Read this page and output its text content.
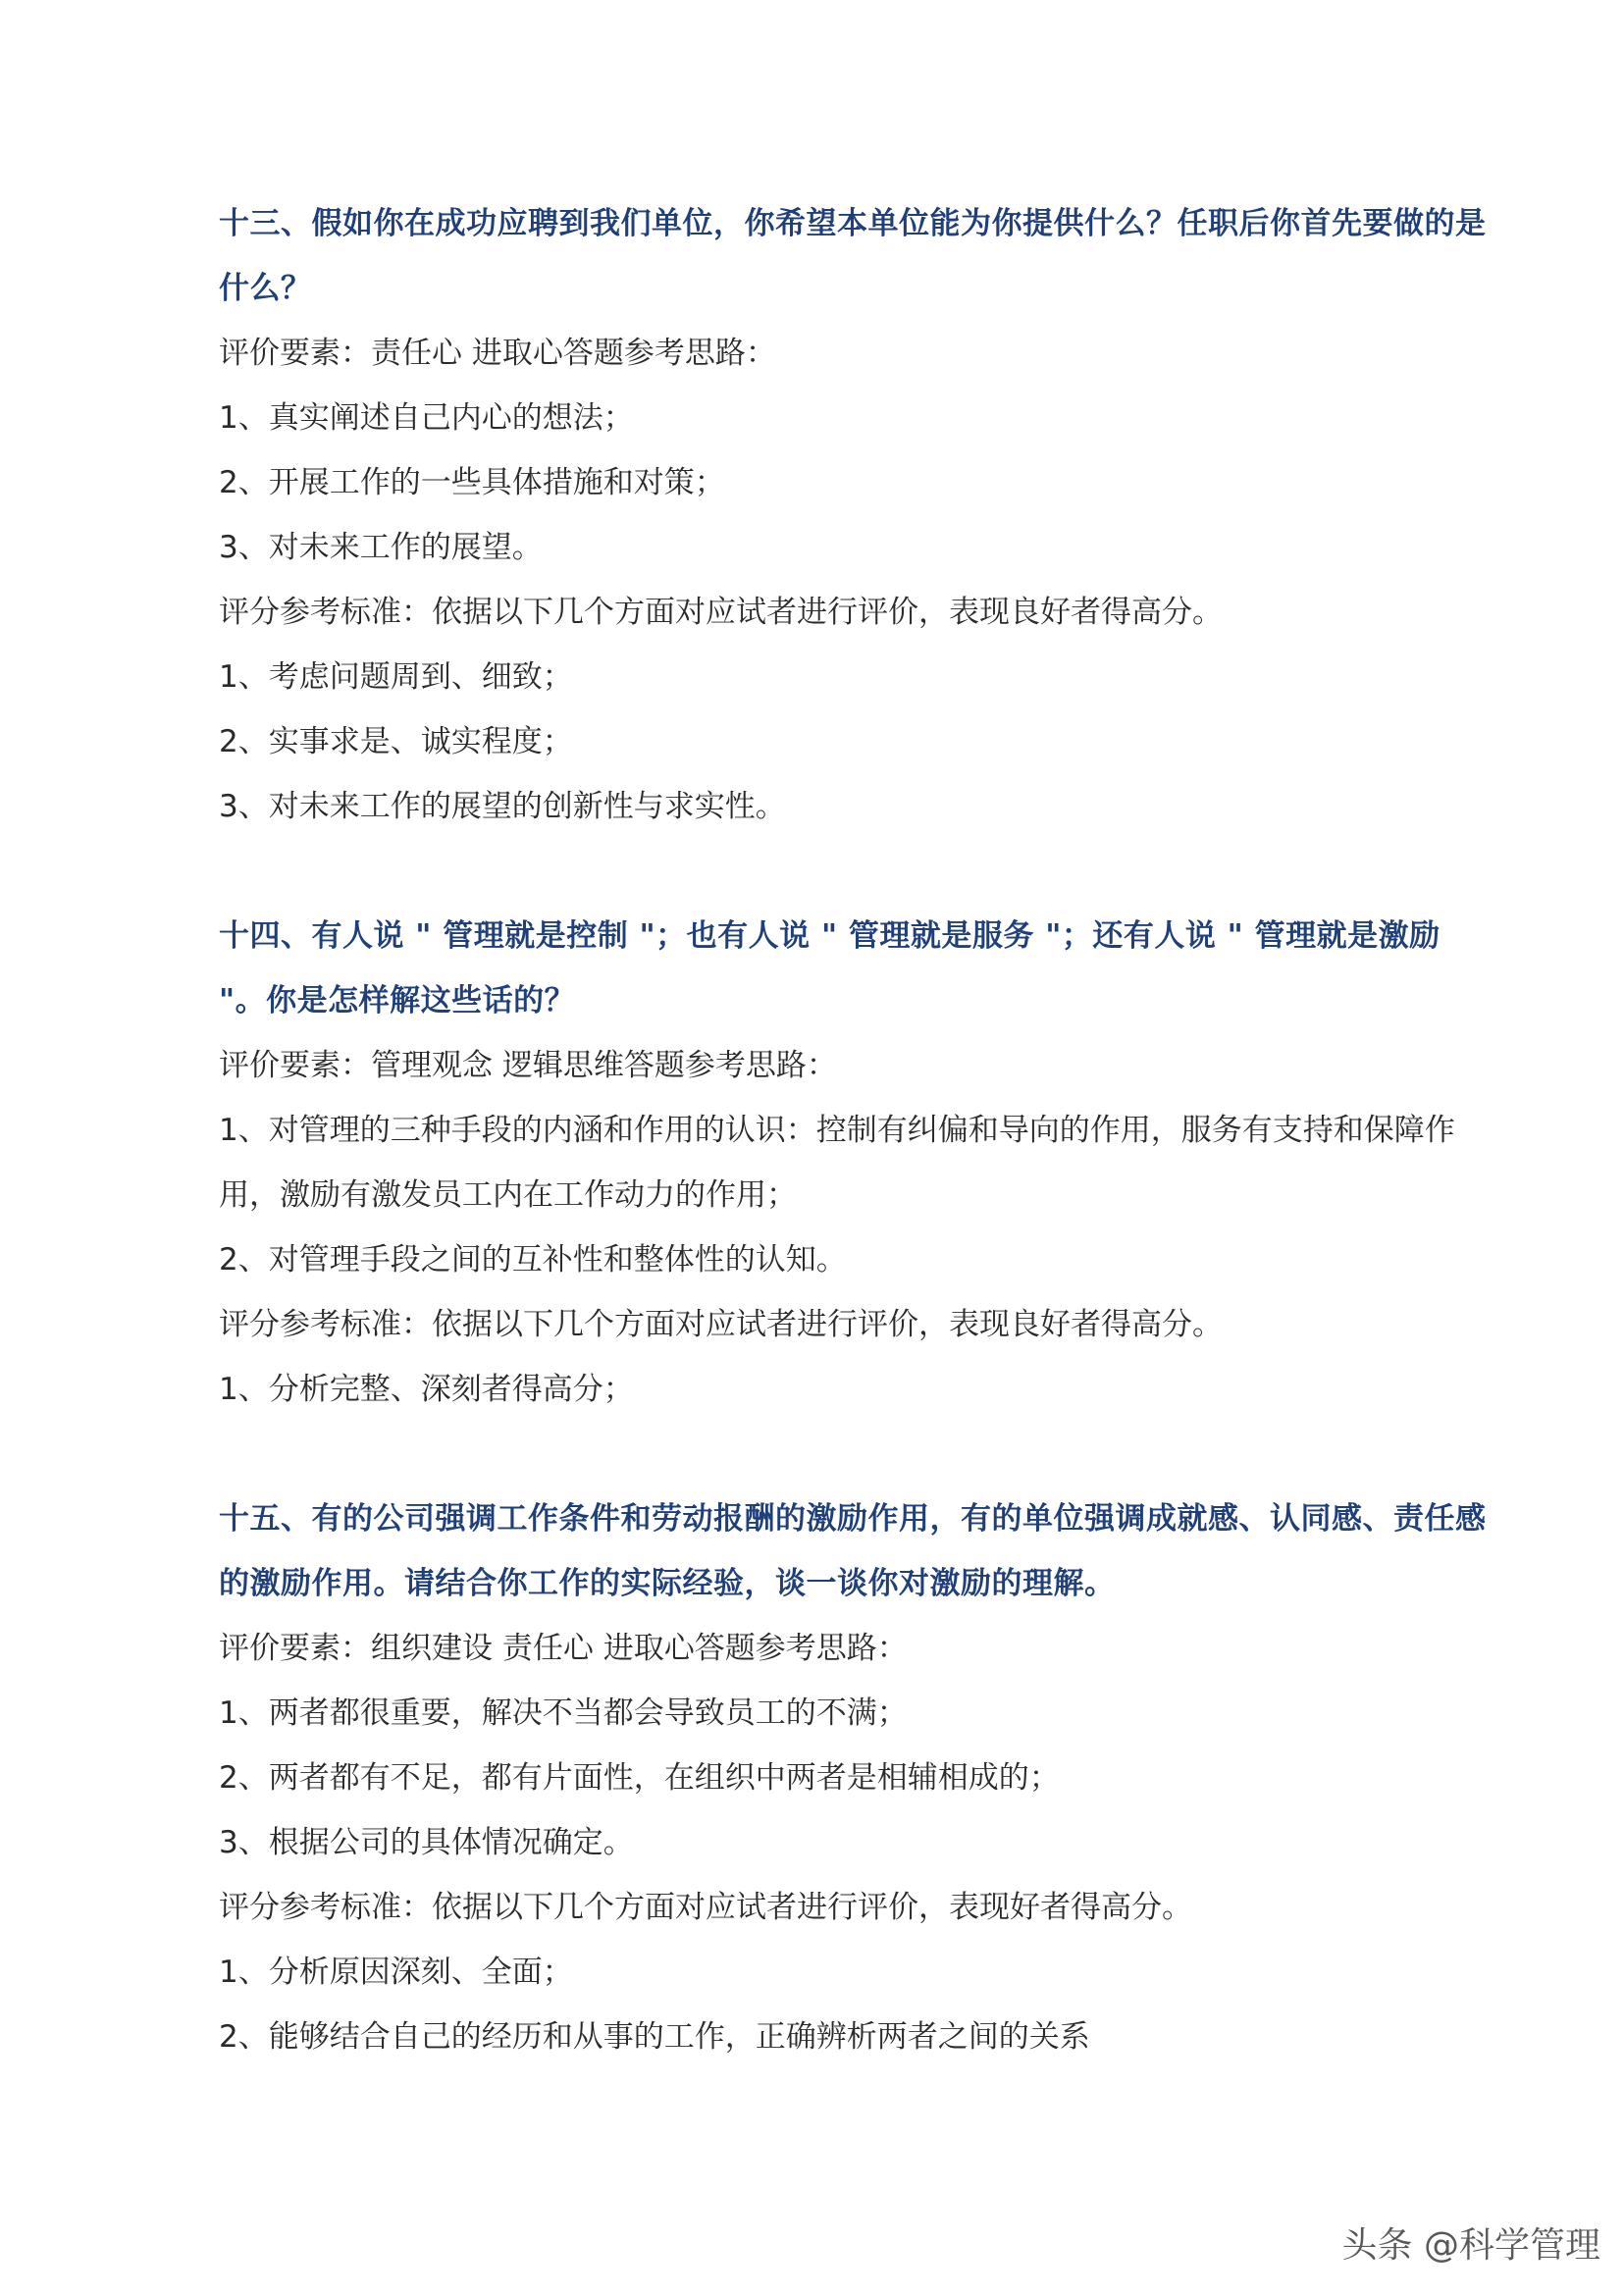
十三、假如你在成功应聘到我们单位，你希望本单位能为你提供什么？任职后你首先要做的是什么？

评价要素：责任心 进取心答题参考思路：

1、真实阐述自己内心的想法；

2、开展工作的一些具体措施和对策；

3、对未来工作的展望。

评分参考标准：依据以下几个方面对应试者进行评价，表现良好者得高分。

1、考虑问题周到、细致；

2、实事求是、诚实程度；

3、对未来工作的展望的创新性与求实性。

十四、有人说 " 管理就是控制 "；也有人说 " 管理就是服务 "；还有人说 " 管理就是激励 "。你是怎样解这些话的？

评价要素：管理观念 逻辑思维答题参考思路：

1、对管理的三种手段的内涵和作用的认识：控制有纠偏和导向的作用，服务有支持和保障作用，激励有激发员工内在工作动力的作用；

2、对管理手段之间的互补性和整体性的认知。

评分参考标准：依据以下几个方面对应试者进行评价，表现良好者得高分。

1、分析完整、深刻者得高分；

十五、有的公司强调工作条件和劳动报酬的激励作用，有的单位强调成就感、认同感、责任感的激励作用。请结合你工作的实际经验，谈一谈你对激励的理解。

评价要素：组织建设 责任心 进取心答题参考思路：

1、两者都很重要，解决不当都会导致员工的不满；

2、两者都有不足，都有片面性，在组织中两者是相辅相成的；

3、根据公司的具体情况确定。

评分参考标准：依据以下几个方面对应试者进行评价，表现好者得高分。

1、分析原因深刻、全面；

2、能够结合自己的经历和从事的工作，正确辨析两者之间的关系

头条 @科学管理
